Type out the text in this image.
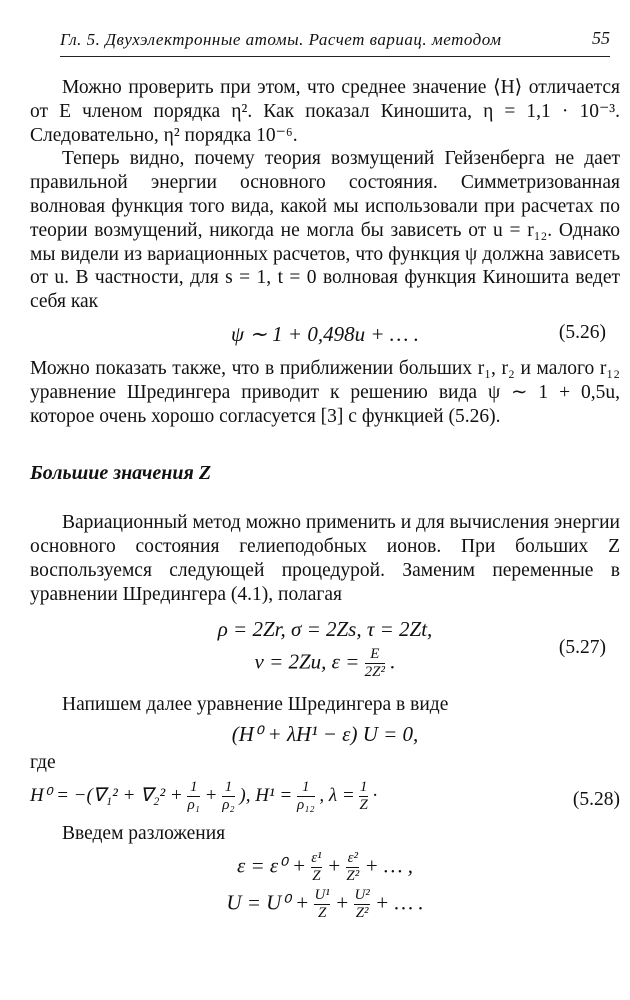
Гл. 5. Двухэлектронные атомы. Расчет вариац. методом	55

Можно проверить при этом, что среднее значение ⟨H⟩ отличается от E членом порядка η². Как показал Киношита, η = 1,1 · 10⁻³. Следовательно, η² порядка 10⁻⁶.

Теперь видно, почему теория возмущений Гейзенберга не дает правильной энергии основного состояния. Симметризованная волновая функция того вида, какой мы использовали при расчетах по теории возмущений, никогда не могла бы зависеть от u = r₁₂. Однако мы видели из вариационных расчетов, что функция ψ должна зависеть от u. В частности, для s = 1, t = 0 волновая функция Киношита ведет себя как

ψ ∼ 1 + 0,498u + … .	(5.26)

Можно показать также, что в приближении больших r₁, r₂ и малого r₁₂ уравнение Шредингера приводит к решению вида ψ ∼ 1 + 0,5u, которое очень хорошо согласуется [3] с функцией (5.26).

Большие значения Z

Вариационный метод можно применить и для вычисления энергии основного состояния гелиеподобных ионов. При больших Z воспользуемся следующей процедурой. Заменим переменные в уравнении Шредингера (4.1), полагая

ρ = 2Zr, σ = 2Zs, τ = 2Zt,
ν = 2Zu, $\varepsilon = \frac{E}{\text{2Z²}}$ .
(5.27)

Напишем далее уравнение Шредингера в виде

(H⁰ + λH¹ − ε) U = 0,

где

$H^0 = -(\nabla_1^2 + \nabla_2^2 + \frac{1}{\text{ρ₁}} + \frac{1}{\text{ρ₂}}$ ), $H^1 = \frac{1}{\text{ρ₁₂}}$ , $\lambda = \frac{1}{Z}$ ·	(5.28)

Введем разложения

$\varepsilon = \varepsilon^0 + \frac{\text{ε¹}}{Z} + \frac{\text{ε²}}{\text{Z²}}$ + … ,
$U = U^0 + \frac{\text{U¹}}{Z} + \frac{\text{U²}}{\text{Z²}}$ + … .
